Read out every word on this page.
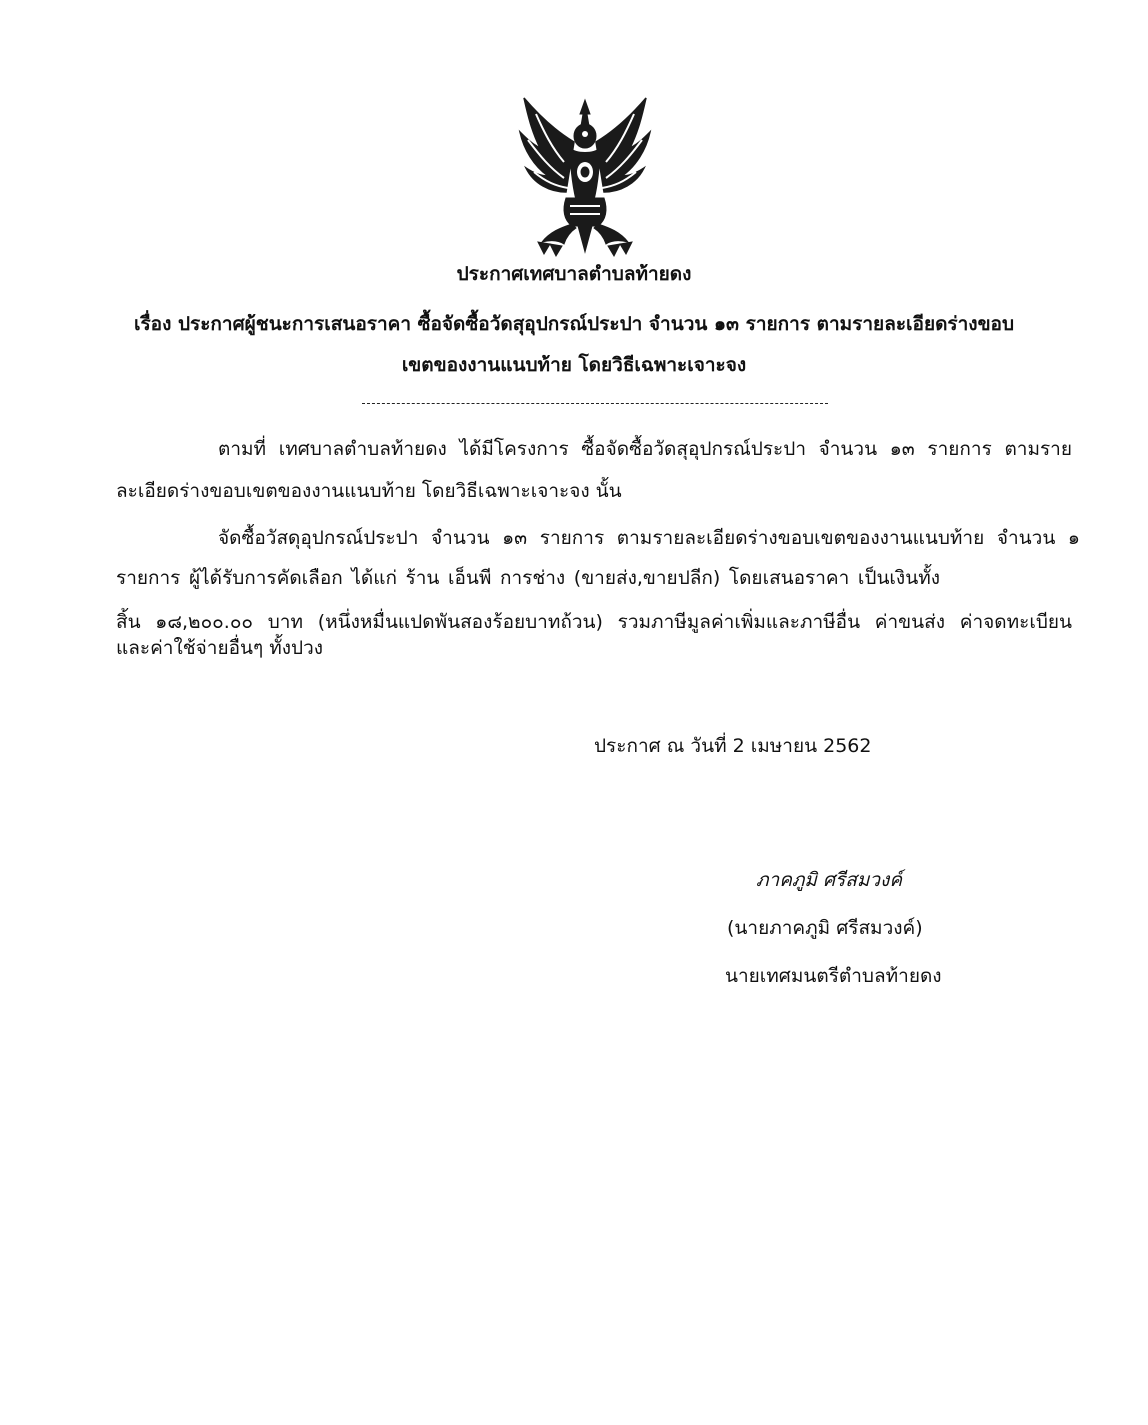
ประกาศเทศบาลตำบลท้ายดง
เรื่อง ประกาศผู้ชนะการเสนอราคา ซื้อจัดซื้อวัดสุอุปกรณ์ประปา จำนวน ๑๓ รายการ ตามรายละเอียดร่างขอบ
เขตของงานแนบท้าย โดยวิธีเฉพาะเจาะจง
ตามที่ เทศบาลตำบลท้ายดง ได้มีโครงการ ซื้อจัดซื้อวัดสุอุปกรณ์ประปา จำนวน ๑๓ รายการ ตามราย
ละเอียดร่างขอบเขตของงานแนบท้าย โดยวิธีเฉพาะเจาะจง นั้น
จัดซื้อวัสดุอุปกรณ์ประปา จำนวน ๑๓ รายการ ตามรายละเอียดร่างขอบเขตของงานแนบท้าย จำนวน ๑
รายการ ผู้ได้รับการคัดเลือก ได้แก่ ร้าน เอ็นพี การช่าง (ขายส่ง,ขายปลีก) โดยเสนอราคา เป็นเงินทั้ง
สิ้น ๑๘,๒๐๐.๐๐ บาท (หนึ่งหมื่นแปดพันสองร้อยบาทถ้วน) รวมภาษีมูลค่าเพิ่มและภาษีอื่น ค่าขนส่ง ค่าจดทะเบียน
และค่าใช้จ่ายอื่นๆ ทั้งปวง
ประกาศ ณ วันที่ 2 เมษายน 2562
ภาคภูมิ ศรีสมวงค์
(นายภาคภูมิ ศรีสมวงค์)
นายเทศมนตรีตำบลท้ายดง
